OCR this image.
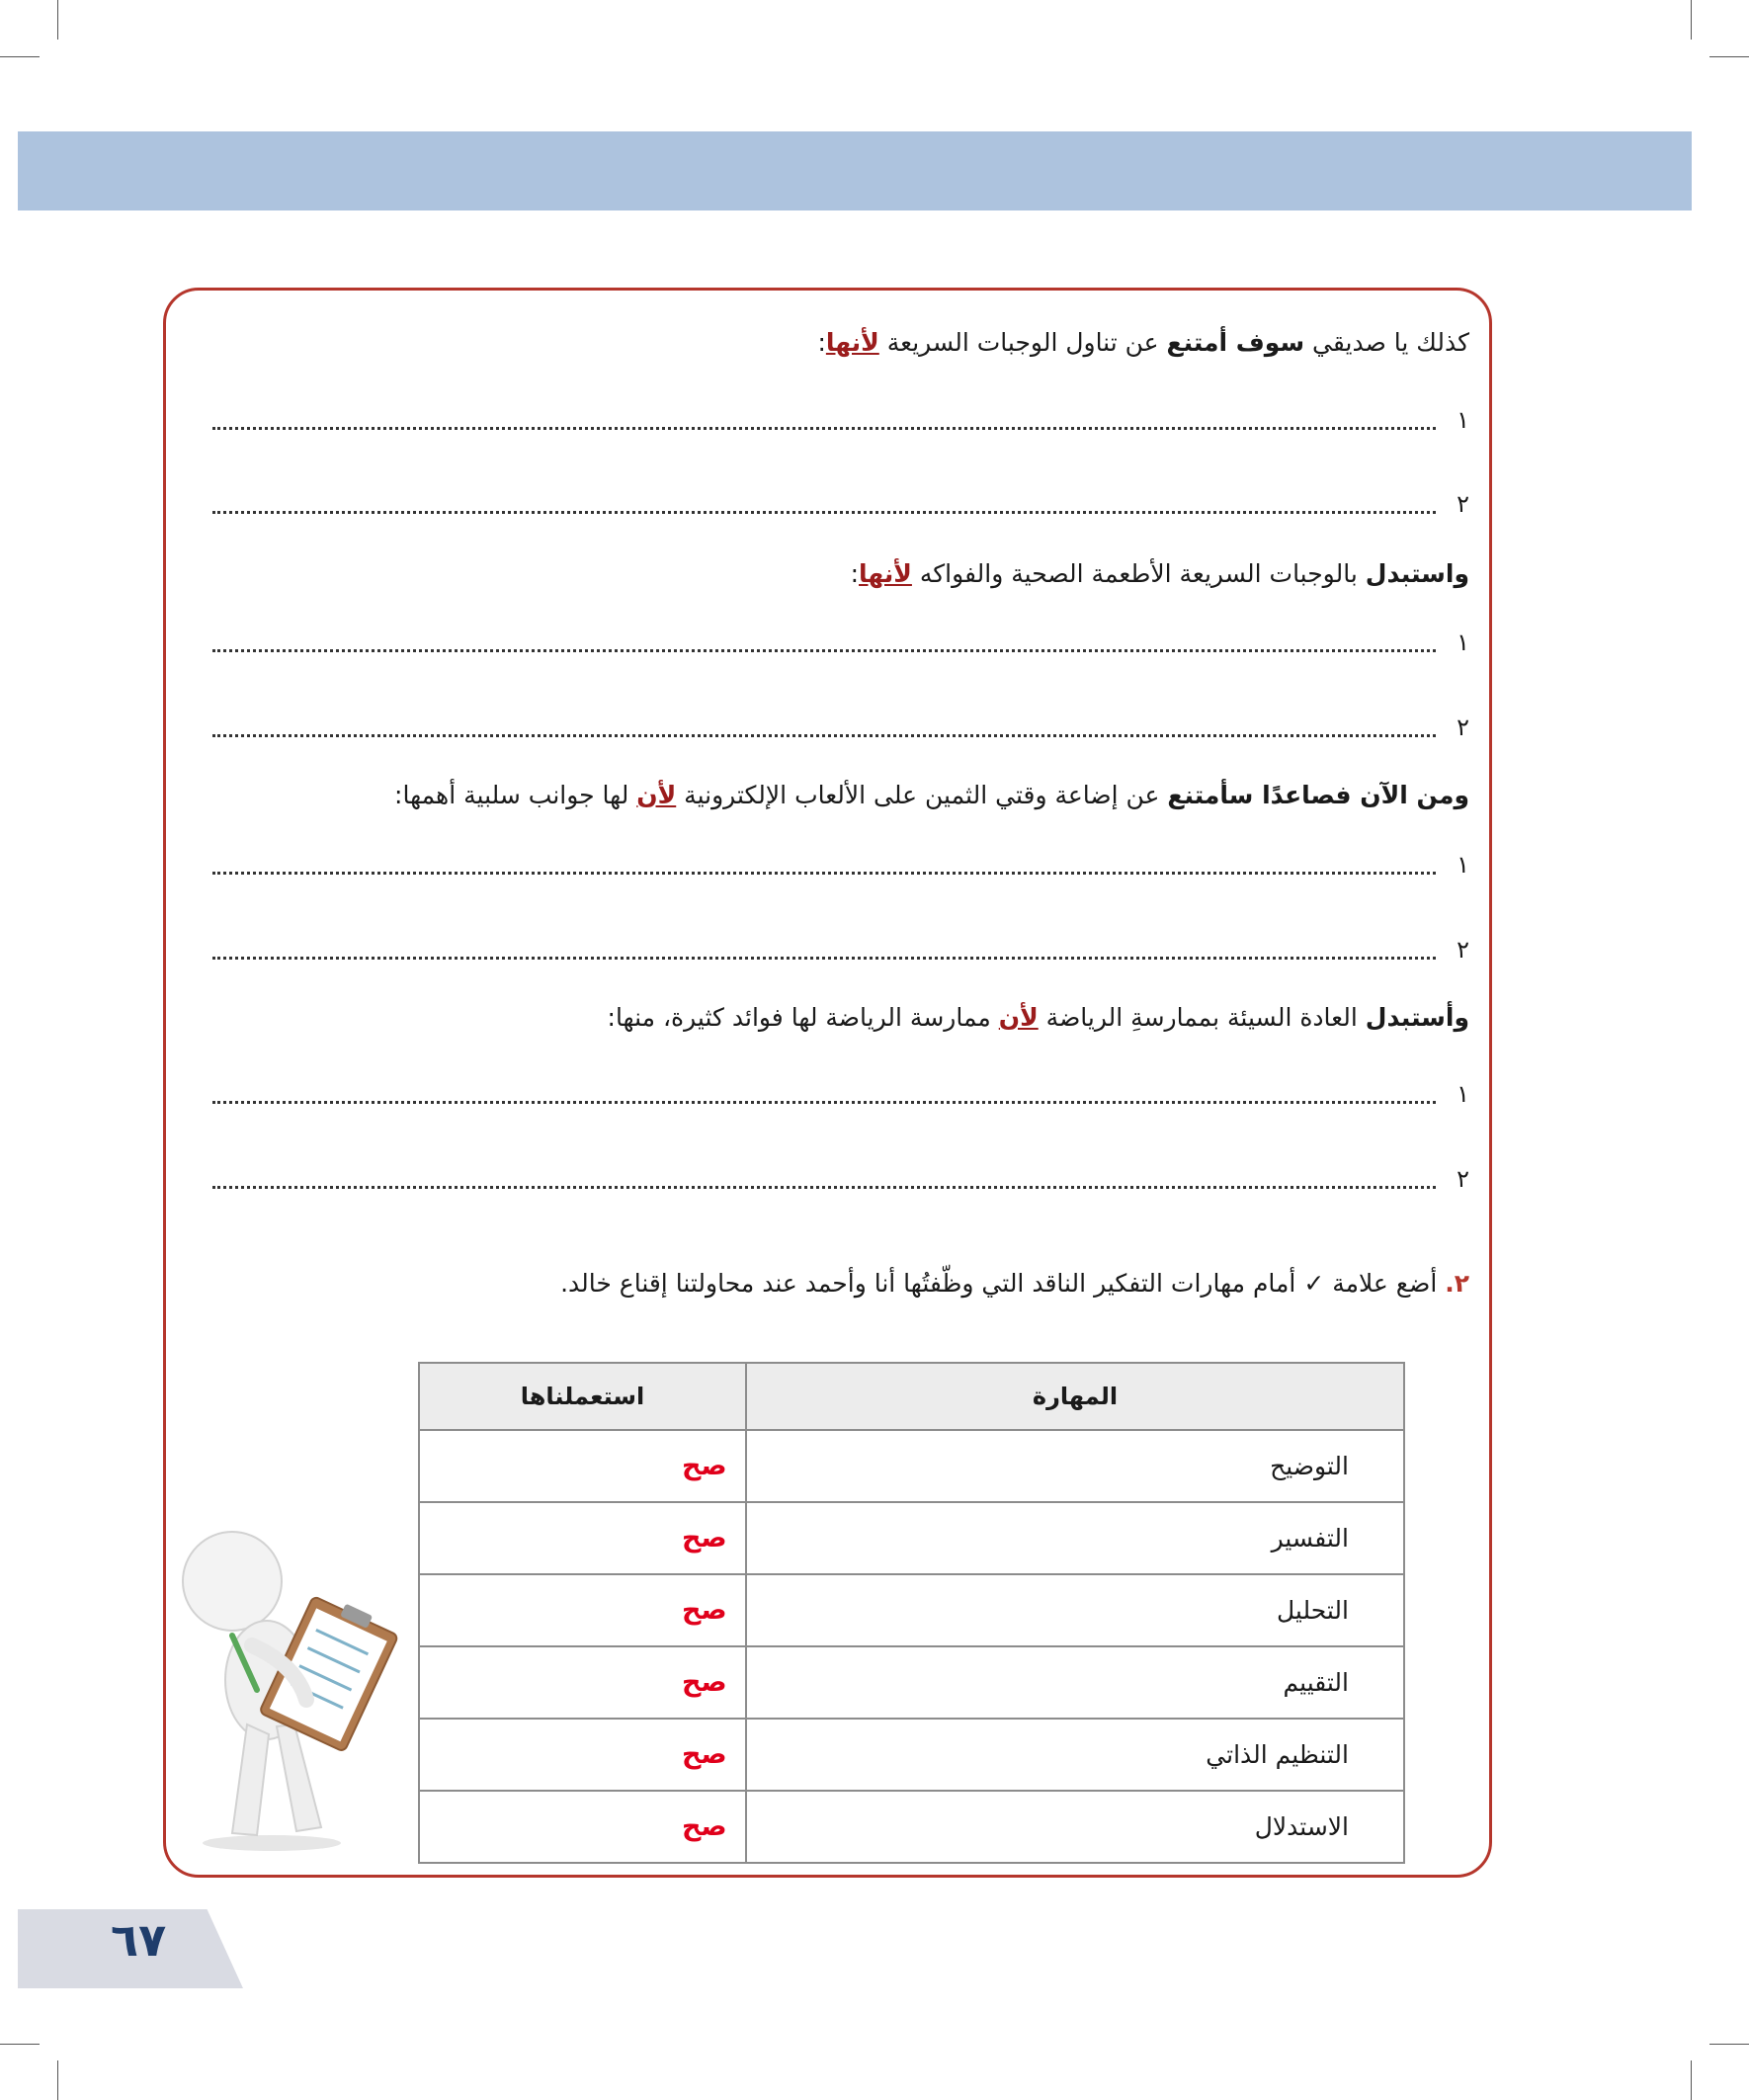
كذلك يا صديقي سوف أمتنع عن تناول الوجبات السريعة لأنها:
١
٢
واستبدل بالوجبات السريعة الأطعمة الصحية والفواكه لأنها:
١
٢
ومن الآن فصاعدًا سأمتنع عن إضاعة وقتي الثمين على الألعاب الإلكترونية لأن لها جوانب سلبية أهمها:
١
٢
وأستبدل العادة السيئة بممارسةِ الرياضة لأن ممارسة الرياضة لها فوائد كثيرة، منها:
١
٢
٢. أضع علامة ✓ أمام مهارات التفكير الناقد التي وظّفتُها أنا وأحمد عند محاولتنا إقناع خالد.
المهارة	استعملناها
التوضيح	صح
التفسير	صح
التحليل	صح
التقييم	صح
التنظيم الذاتي	صح
الاستدلال	صح
٦٧
